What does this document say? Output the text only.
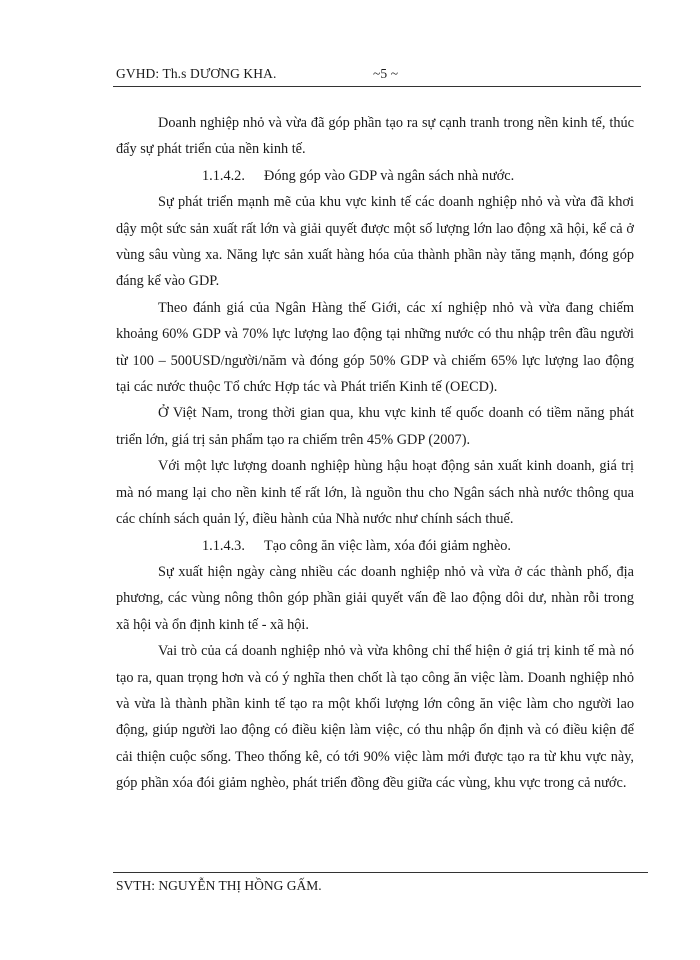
GVHD: Th.s DƯƠNG KHA.	~5 ~

Doanh nghiệp nhỏ và vừa đã góp phần tạo ra sự cạnh tranh trong nền kinh tế, thúc đẩy sự phát triển của nền kinh tế.

1.1.4.2. Đóng góp vào GDP và ngân sách nhà nước.

Sự phát triển mạnh mẽ của khu vực kinh tế các doanh nghiệp nhỏ và vừa đã khơi dậy một sức sản xuất rất lớn và giải quyết được một số lượng lớn lao động xã hội, kể cả ở vùng sâu vùng xa. Năng lực sản xuất hàng hóa của thành phần này tăng mạnh, đóng góp đáng kể vào GDP.

Theo đánh giá của Ngân Hàng thế Giới, các xí nghiệp nhỏ và vừa đang chiếm khoảng 60% GDP và 70% lực lượng lao động tại những nước có thu nhập trên đầu người từ 100 – 500USD/người/năm và đóng góp 50% GDP và chiếm 65% lực lượng lao động tại các nước thuộc Tổ chức Hợp tác và Phát triển Kinh tế (OECD).

Ở Việt Nam, trong thời gian qua, khu vực kinh tế quốc doanh có tiềm năng phát triển lớn, giá trị sản phẩm tạo ra chiếm trên 45% GDP (2007).

Với một lực lượng doanh nghiệp hùng hậu hoạt động sản xuất kinh doanh, giá trị mà nó mang lại cho nền kinh tế rất lớn, là nguồn thu cho Ngân sách nhà nước thông qua các chính sách quản lý, điều hành của Nhà nước như chính sách thuế.

1.1.4.3. Tạo công ăn việc làm, xóa đói giảm nghèo.

Sự xuất hiện ngày càng nhiều các doanh nghiệp nhỏ và vừa ở các thành phố, địa phương, các vùng nông thôn góp phần giải quyết vấn đề lao động dôi dư, nhàn rỗi trong xã hội và ổn định kinh tế - xã hội.

Vai trò của cá doanh nghiệp nhỏ và vừa không chỉ thể hiện ở giá trị kinh tế mà nó tạo ra, quan trọng hơn và có ý nghĩa then chốt là tạo công ăn việc làm. Doanh nghiệp nhỏ và vừa là thành phần kinh tế tạo ra một khối lượng lớn công ăn việc làm cho người lao động, giúp người lao động có điều kiện làm việc, có thu nhập ổn định và có điều kiện để cải thiện cuộc sống. Theo thống kê, có tới 90% việc làm mới được tạo ra từ khu vực này, góp phần xóa đói giảm nghèo, phát triển đồng đều giữa các vùng, khu vực trong cả nước.

SVTH: NGUYỄN THỊ HỒNG GẤM.
